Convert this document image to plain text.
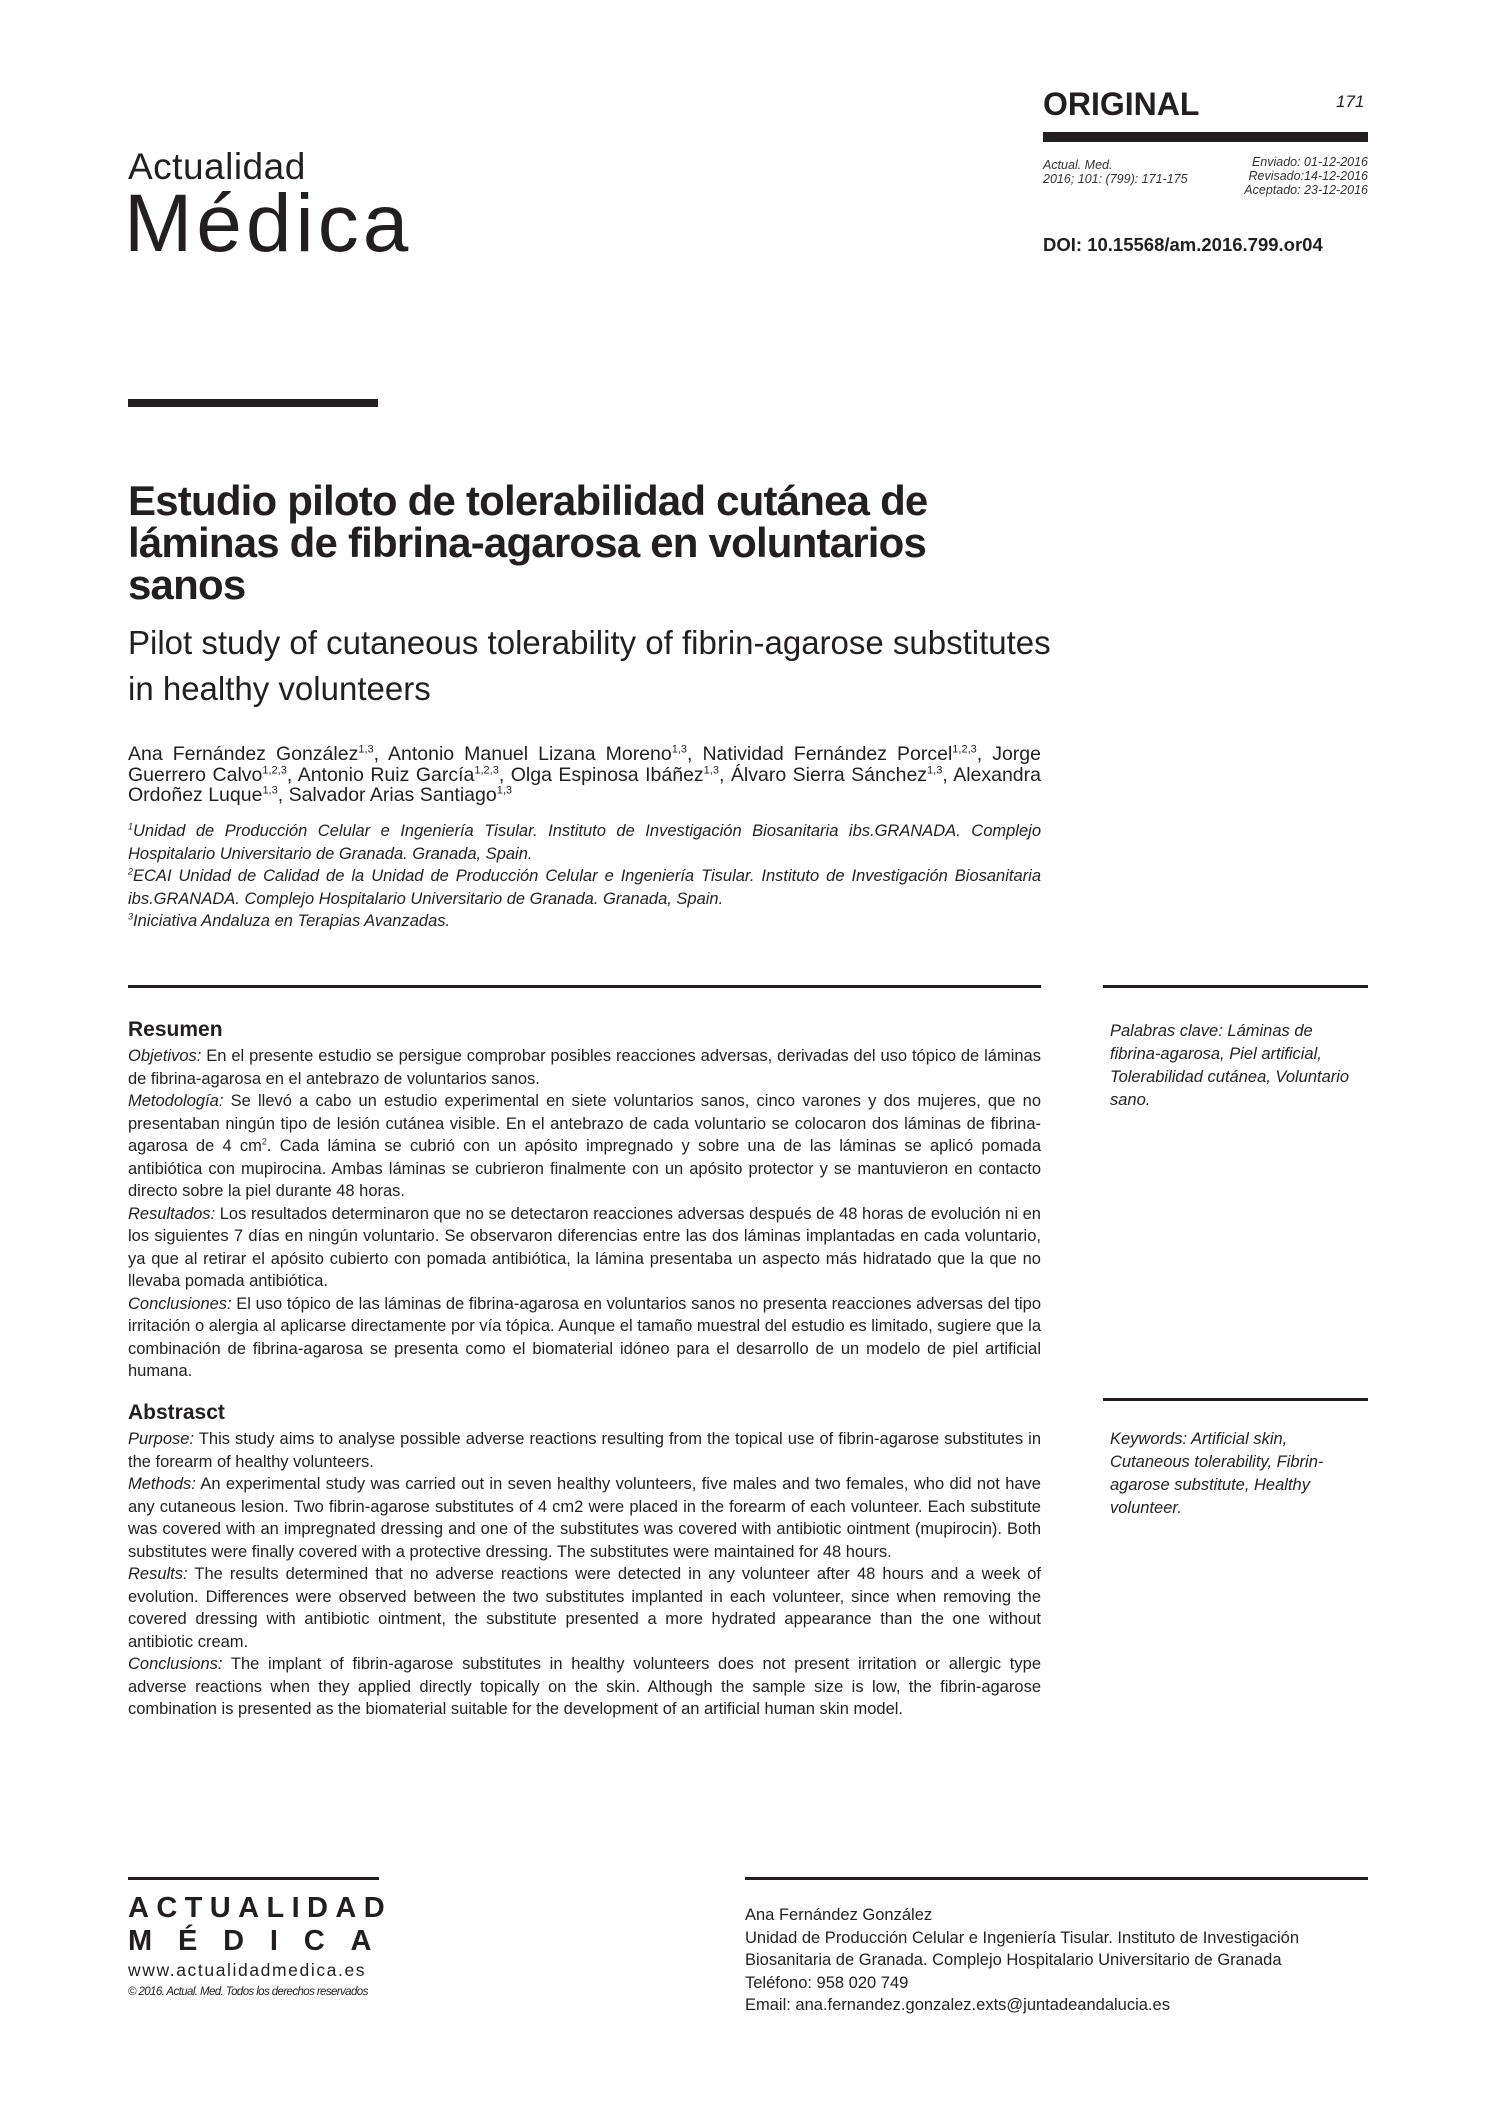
Actualidad
Médica
ORIGINAL	171
Actual. Med.
2016; 101: (799): 171-175
Enviado: 01-12-2016
Revisado:14-12-2016
Aceptado: 23-12-2016
DOI: 10.15568/am.2016.799.or04
Estudio piloto de tolerabilidad cutánea de láminas de fibrina-agarosa en voluntarios sanos
Pilot study of cutaneous tolerability of fibrin-agarose substitutes in healthy volunteers
Ana Fernández González$^{1,3}$, Antonio Manuel Lizana Moreno$^{1,3}$, Natividad Fernández Porcel$^{1,2,3}$, Jorge Guerrero Calvo$^{1,2,3}$, Antonio Ruiz García$^{1,2,3}$, Olga Espinosa Ibáñez$^{1,3}$, Álvaro Sierra Sánchez$^{1,3}$, Alexandra Ordoñez Luque$^{1,3}$, Salvador Arias Santiago$^{1,3}$

$^1$Unidad de Producción Celular e Ingeniería Tisular. Instituto de Investigación Biosanitaria ibs.GRANADA. Complejo Hospitalario Universitario de Granada. Granada, Spain.

$^2$ECAI Unidad de Calidad de la Unidad de Producción Celular e Ingeniería Tisular. Instituto de Investigación Biosanitaria ibs.GRANADA. Complejo Hospitalario Universitario de Granada. Granada, Spain.

$^3$Iniciativa Andaluza en Terapias Avanzadas.

Resumen

Objetivos: En el presente estudio se persigue comprobar posibles reacciones adversas, derivadas del uso tópico de láminas de fibrina-agarosa en el antebrazo de voluntarios sanos.

Metodología: Se llevó a cabo un estudio experimental en siete voluntarios sanos, cinco varones y dos mujeres, que no presentaban ningún tipo de lesión cutánea visible. En el antebrazo de cada voluntario se colocaron dos láminas de fibrina-agarosa de 4 $cm^2$. Cada lámina se cubrió con un apósito impregnado y sobre una de las láminas se aplicó pomada antibiótica con mupirocina. Ambas láminas se cubrieron finalmente con un apósito protector y se mantuvieron en contacto directo sobre la piel durante 48 horas.

Resultados: Los resultados determinaron que no se detectaron reacciones adversas después de 48 horas de evolución ni en los siguientes 7 días en ningún voluntario. Se observaron diferencias entre las dos láminas implantadas en cada voluntario, ya que al retirar el apósito cubierto con pomada antibiótica, la lámina presentaba un aspecto más hidratado que la que no llevaba pomada antibiótica.

Conclusiones: El uso tópico de las láminas de fibrina-agarosa en voluntarios sanos no presenta reacciones adversas del tipo irritación o alergia al aplicarse directamente por vía tópica. Aunque el tamaño muestral del estudio es limitado, sugiere que la combinación de fibrina-agarosa se presenta como el biomaterial idóneo para el desarrollo de un modelo de piel artificial humana.

Palabras clave: Láminas de fibrina-agarosa, Piel artificial, Tolerabilidad cutánea, Voluntario sano.
Abstrasct

Purpose: This study aims to analyse possible adverse reactions resulting from the topical use of fibrin-agarose substitutes in the forearm of healthy volunteers.

Methods: An experimental study was carried out in seven healthy volunteers, five males and two females, who did not have any cutaneous lesion. Two fibrin-agarose substitutes of 4 cm2 were placed in the forearm of each volunteer. Each substitute was covered with an impregnated dressing and one of the substitutes was covered with antibiotic ointment (mupirocin). Both substitutes were finally covered with a protective dressing. The substitutes were maintained for 48 hours.

Results: The results determined that no adverse reactions were detected in any volunteer after 48 hours and a week of evolution. Differences were observed between the two substitutes implanted in each volunteer, since when removing the covered dressing with antibiotic ointment, the substitute presented a more hydrated appearance than the one without antibiotic cream.

Conclusions: The implant of fibrin-agarose substitutes in healthy volunteers does not present irritation or allergic type adverse reactions when they applied directly topically on the skin. Although the sample size is low, the fibrin-agarose combination is presented as the biomaterial suitable for the development of an artificial human skin model.

Keywords: Artificial skin, Cutaneous tolerability, Fibrin-agarose substitute, Healthy volunteer.
ACTUALIDAD
MÉDICA
www.actualidadmedica.es
© 2016. Actual. Med. Todos los derechos reservados
Ana Fernández González
Unidad de Producción Celular e Ingeniería Tisular. Instituto de Investigación
Biosanitaria de Granada. Complejo Hospitalario Universitario de Granada
Teléfono: 958 020 749
Email: ana.fernandez.gonzalez.exts@juntadeandalucia.es
